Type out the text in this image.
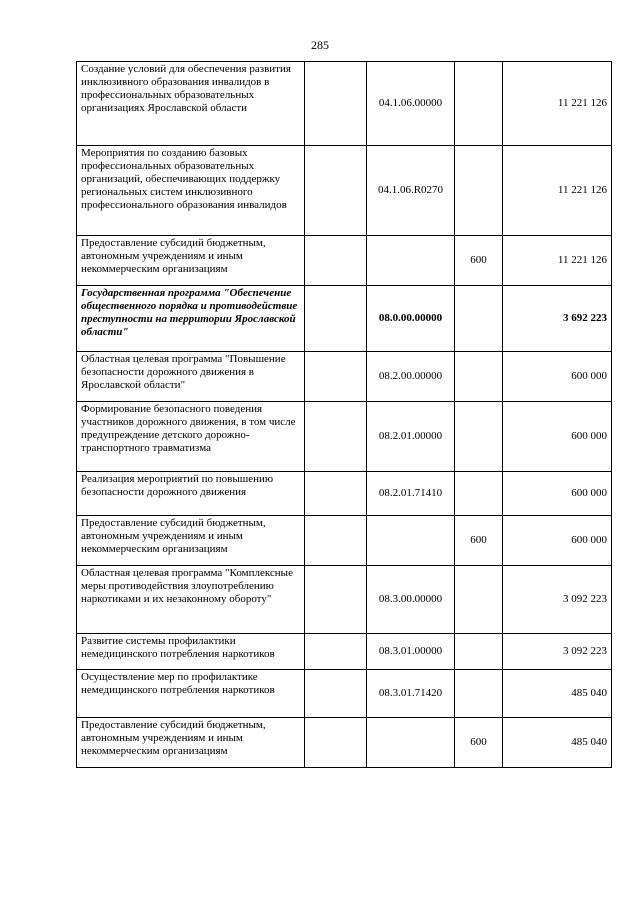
285
Создание условий для обеспечения развития инклюзивного образования инвалидов в профессиональных образовательных организациях Ярославской области		04.1.06.00000		11 221 126
Мероприятия по созданию базовых профессиональных образовательных организаций, обеспечивающих поддержку региональных систем инклюзивного профессионального образования инвалидов		04.1.06.R0270		11 221 126
Предоставление субсидий бюджетным, автономным учреждениям и иным некоммерческим организациям			600	11 221 126
Государственная программа "Обеспечение общественного порядка и противодействие преступности на территории Ярославской области"		08.0.00.00000		3 692 223
Областная целевая программа "Повышение безопасности дорожного движения в Ярославской области"		08.2.00.00000		600 000
Формирование безопасного поведения участников дорожного движения, в том числе предупреждение детского дорожно-транспортного травматизма		08.2.01.00000		600 000
Реализация мероприятий по повышению безопасности дорожного движения		08.2.01.71410		600 000
Предоставление субсидий бюджетным, автономным учреждениям и иным некоммерческим организациям			600	600 000
Областная целевая программа "Комплексные меры противодействия злоупотреблению наркотиками и их незаконному обороту"		08.3.00.00000		3 092 223
Развитие системы профилактики немедицинского потребления наркотиков		08.3.01.00000		3 092 223
Осуществление мер по профилактике немедицинского потребления наркотиков		08.3.01.71420		485 040
Предоставление субсидий бюджетным, автономным учреждениям и иным некоммерческим организациям			600	485 040
